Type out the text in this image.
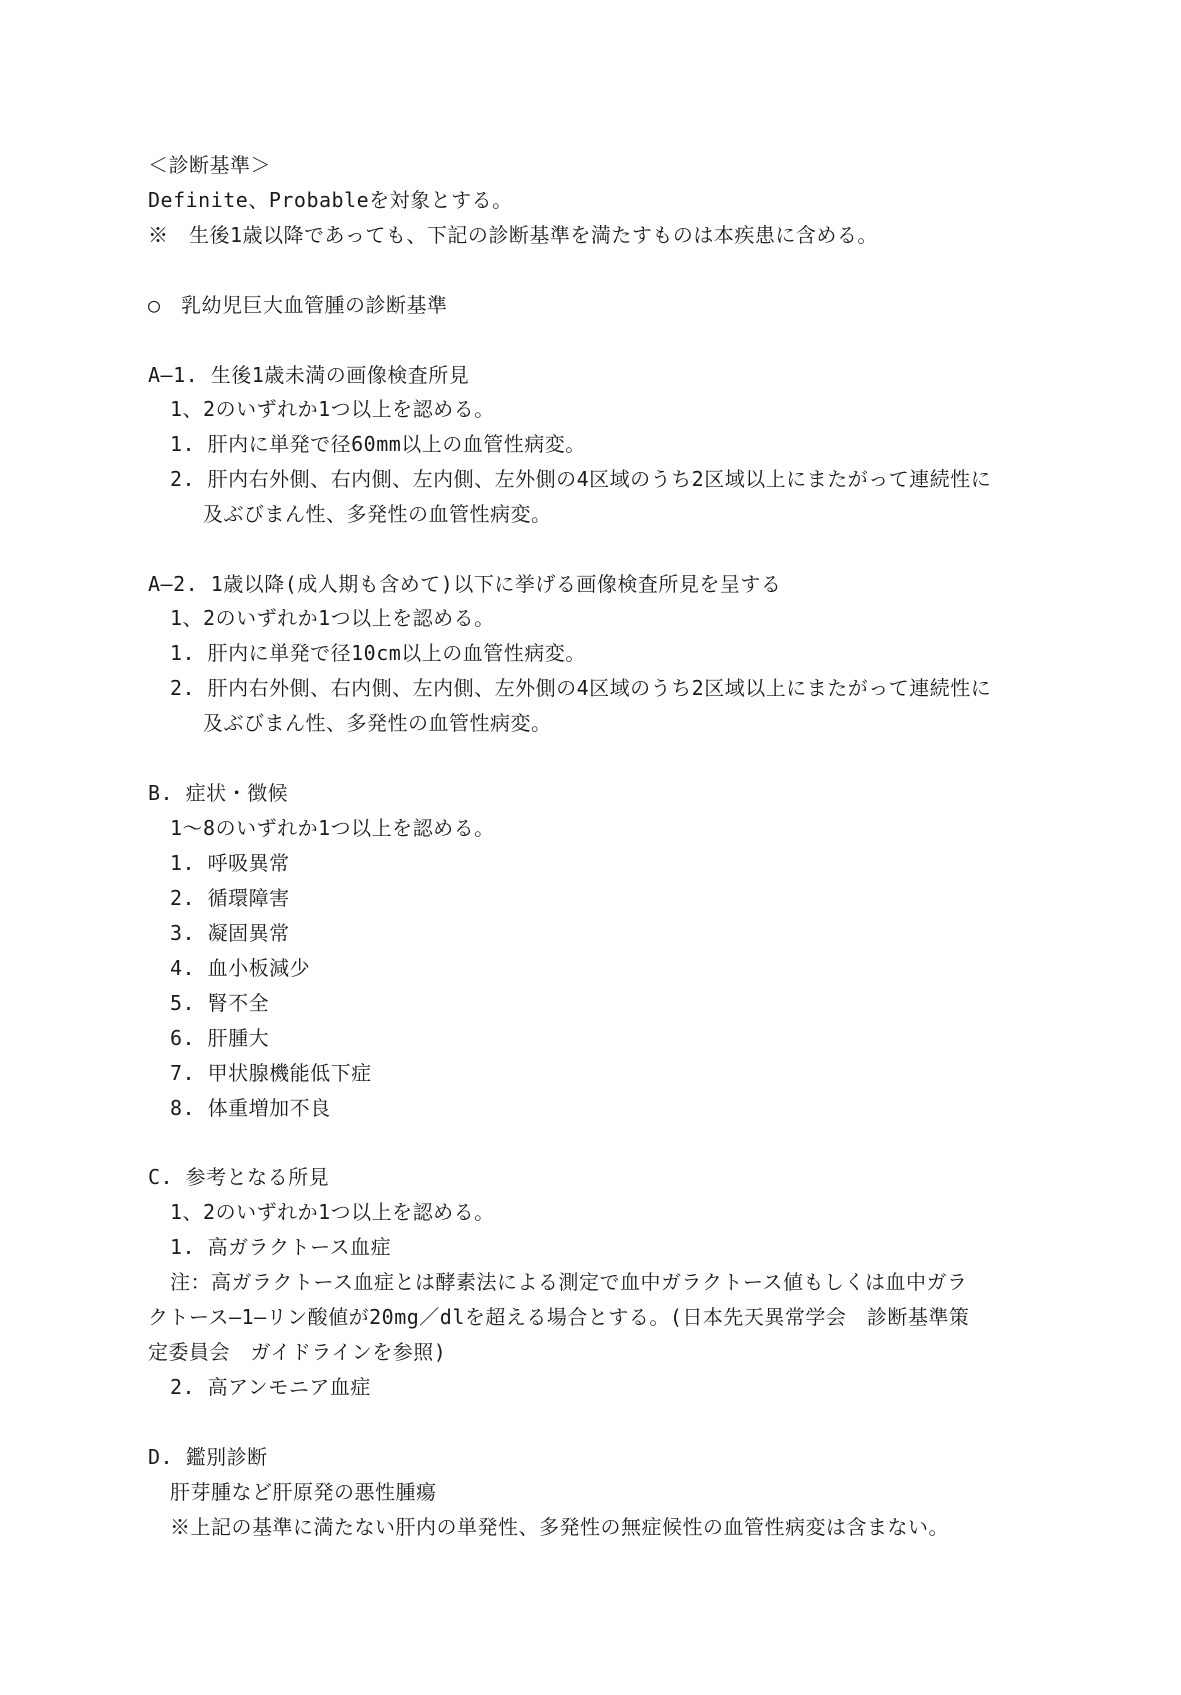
＜診断基準＞
Definite、Probableを対象とする。
※　生後1歳以降であっても、下記の診断基準を満たすものは本疾患に含める。
○　乳幼児巨大血管腫の診断基準
A—1. 生後1歳未満の画像検査所見
1、2のいずれか1つ以上を認める。
1. 肝内に単発で径60mm以上の血管性病変。
2. 肝内右外側、右内側、左内側、左外側の4区域のうち2区域以上にまたがって連続性に
及ぶびまん性、多発性の血管性病変。
A—2. 1歳以降(成人期も含めて)以下に挙げる画像検査所見を呈する
1、2のいずれか1つ以上を認める。
1. 肝内に単発で径10cm以上の血管性病変。
2. 肝内右外側、右内側、左内側、左外側の4区域のうち2区域以上にまたがって連続性に
及ぶびまん性、多発性の血管性病変。
B. 症状・徴候
1～8のいずれか1つ以上を認める。
1. 呼吸異常
2. 循環障害
3. 凝固異常
4. 血小板減少
5. 腎不全
6. 肝腫大
7. 甲状腺機能低下症
8. 体重増加不良
C. 参考となる所見
1、2のいずれか1つ以上を認める。
1. 高ガラクトース血症
注：高ガラクトース血症とは酵素法による測定で血中ガラクトース値もしくは血中ガラ
クトース—1—リン酸値が20mg／dlを超える場合とする。(日本先天異常学会　診断基準策
定委員会　ガイドラインを参照)
2. 高アンモニア血症
D. 鑑別診断
肝芽腫など肝原発の悪性腫瘍
※上記の基準に満たない肝内の単発性、多発性の無症候性の血管性病変は含まない。
